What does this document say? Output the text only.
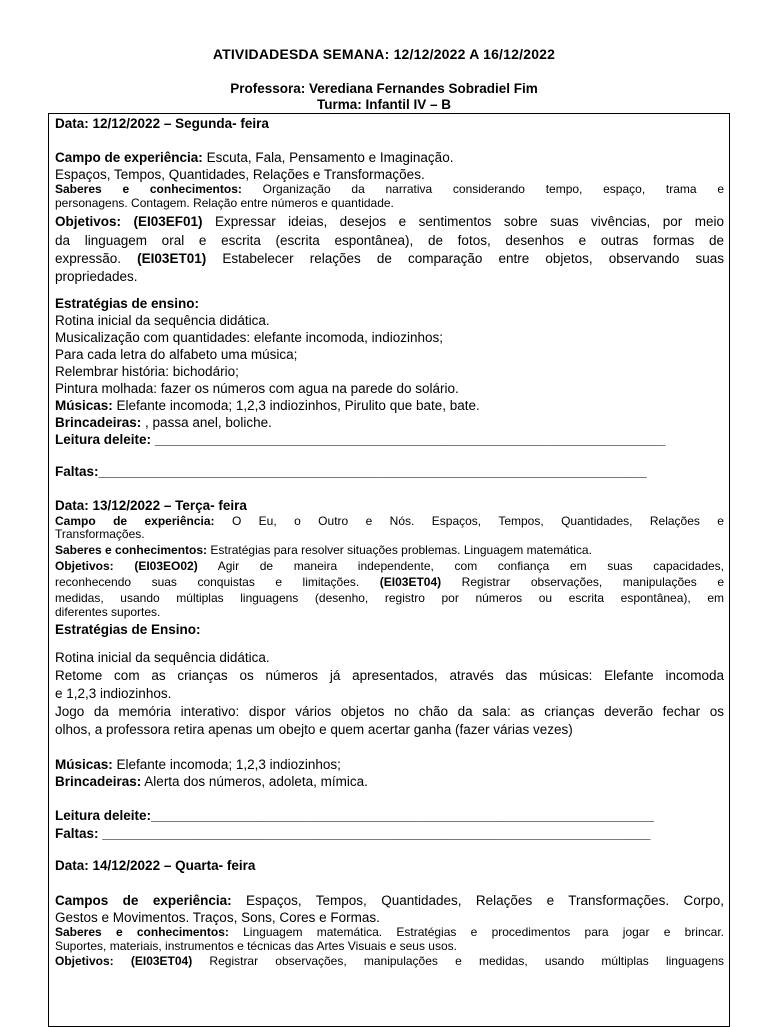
ATIVIDADESDA SEMANA: 12/12/2022 A 16/12/2022
Professora: Verediana Fernandes Sobradiel Fim
Turma: Infantil IV – B
Data: 12/12/2022 – Segunda- feira
Campo de experiência: Escuta, Fala, Pensamento e Imaginação.
Espaços, Tempos, Quantidades, Relações e Transformações.
Saberes e conhecimentos: Organização da narrativa considerando tempo, espaço, trama e
personagens. Contagem. Relação entre números e quantidade.
Objetivos: (EI03EF01) Expressar ideias, desejos e sentimentos sobre suas vivências, por meio
da linguagem oral e escrita (escrita espontânea), de fotos, desenhos e outras formas de
expressão. (EI03ET01) Estabelecer relações de comparação entre objetos, observando suas
propriedades.
Estratégias de ensino:
Rotina inicial da sequência didática.
Musicalização com quantidades: elefante incomoda, indiozinhos;
Para cada letra do alfabeto uma música;
Relembrar história: bichodário;
Pintura molhada: fazer os números com agua na parede do solário.
Músicas: Elefante incomoda; 1,2,3 indiozinhos, Pirulito que bate, bate.
Brincadeiras: , passa anel, boliche.
Leitura deleite: ____________________________________________________________________
Faltas:_________________________________________________________________________
Data: 13/12/2022 – Terça- feira
Campo de experiência: O Eu, o Outro e Nós. Espaços, Tempos, Quantidades, Relações e
Transformações.
Saberes e conhecimentos: Estratégias para resolver situações problemas. Linguagem matemática.
Objetivos: (EI03EO02) Agir de maneira independente, com confiança em suas capacidades,
reconhecendo suas conquistas e limitações. (EI03ET04) Registrar observações, manipulações e
medidas, usando múltiplas linguagens (desenho, registro por números ou escrita espontânea), em
diferentes suportes.
Estratégias de Ensino:
Rotina inicial da sequência didática.
Retome com as crianças os números já apresentados, através das músicas: Elefante incomoda
e 1,2,3 indiozinhos.
Jogo da memória interativo: dispor vários objetos no chão da sala: as crianças deverão fechar os
olhos, a professora retira apenas um obejto e quem acertar ganha (fazer várias vezes)
Músicas: Elefante incomoda; 1,2,3 indiozinhos;
Brincadeiras: Alerta dos números, adoleta, mímica.
Leitura deleite:___________________________________________________________________
Faltas: _________________________________________________________________________
Data: 14/12/2022 – Quarta- feira
Campos de experiência: Espaços, Tempos, Quantidades, Relações e Transformações. Corpo,
Gestos e Movimentos. Traços, Sons, Cores e Formas.
Saberes e conhecimentos: Linguagem matemática. Estratégias e procedimentos para jogar e brincar.
Suportes, materiais, instrumentos e técnicas das Artes Visuais e seus usos.
Objetivos: (EI03ET04) Registrar observações, manipulações e medidas, usando múltiplas linguagens
